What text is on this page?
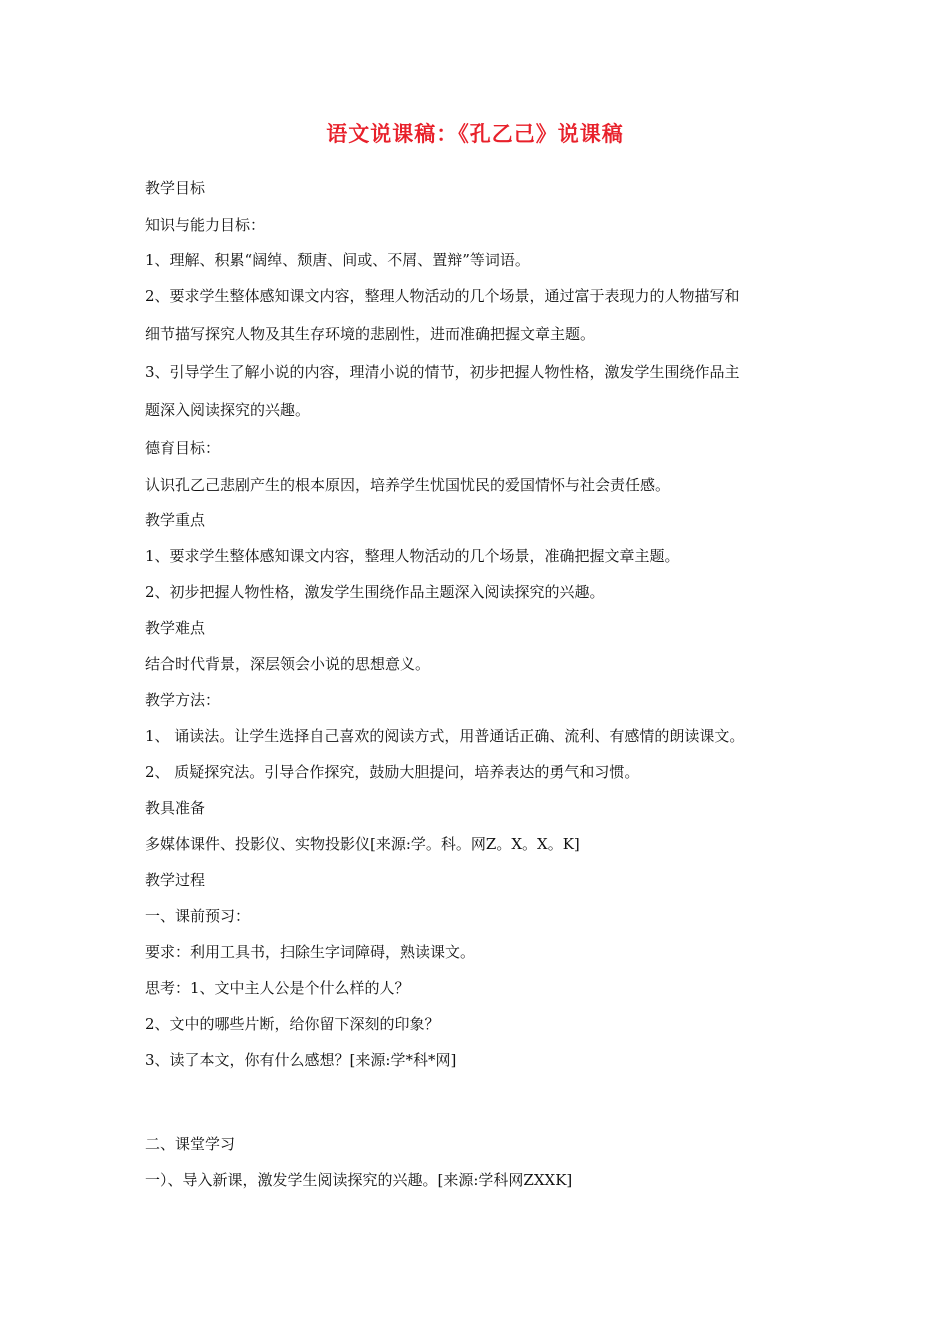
语文说课稿：《孔乙己》说课稿
教学目标
知识与能力目标：
1、理解、积累“阔绰、颓唐、间或、不屑、置辩”等词语。
2、要求学生整体感知课文内容，整理人物活动的几个场景，通过富于表现力的人物描写和
细节描写探究人物及其生存环境的悲剧性，进而准确把握文章主题。
3、引导学生了解小说的内容，理清小说的情节，初步把握人物性格，激发学生围绕作品主
题深入阅读探究的兴趣。
德育目标：
认识孔乙己悲剧产生的根本原因，培养学生忧国忧民的爱国情怀与社会责任感。
教学重点
1、要求学生整体感知课文内容，整理人物活动的几个场景，准确把握文章主题。
2、初步把握人物性格，激发学生围绕作品主题深入阅读探究的兴趣。
教学难点
结合时代背景，深层领会小说的思想意义。
教学方法：
1、 诵读法。让学生选择自己喜欢的阅读方式，用普通话正确、流利、有感情的朗读课文。
2、 质疑探究法。引导合作探究，鼓励大胆提问，培养表达的勇气和习惯。
教具准备
多媒体课件、投影仪、实物投影仪[来源:学。科。网Z。X。X。K]
教学过程
一、课前预习：
要求：利用工具书，扫除生字词障碍，熟读课文。
思考：1、文中主人公是个什么样的人？
2、文中的哪些片断，给你留下深刻的印象？
3、读了本文，你有什么感想？[来源:学*科*网]
二、课堂学习
一）、导入新课，激发学生阅读探究的兴趣。[来源:学科网ZXXK]
